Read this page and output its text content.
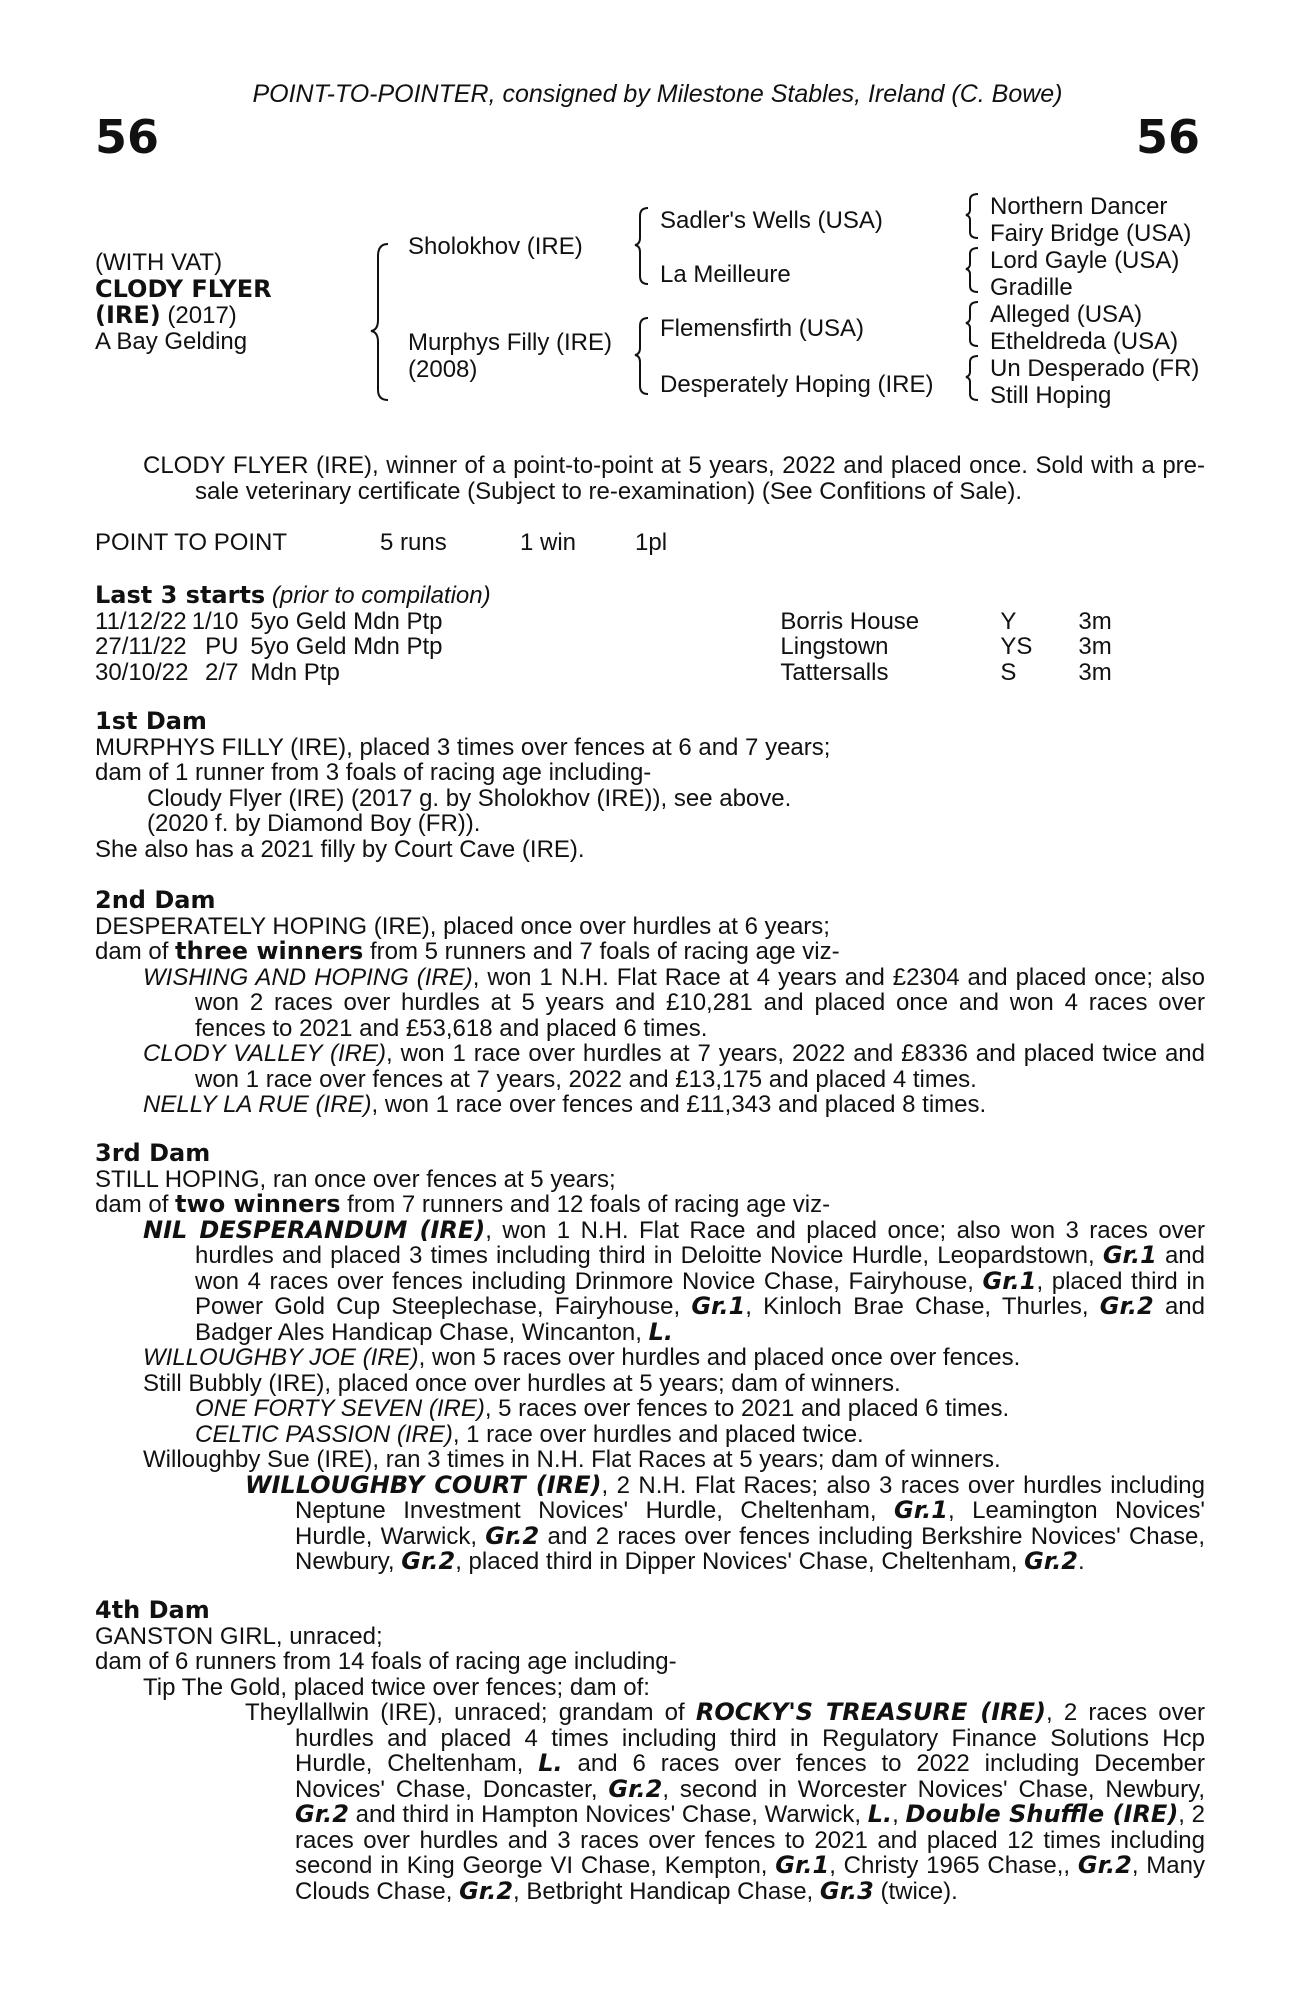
POINT-TO-POINTER, consigned by Milestone Stables, Ireland (C. Bowe)
56	56
(WITH VAT)
CLODY FLYER
(IRE) (2017)
A Bay Gelding
Sholokhov (IRE)
Murphys Filly (IRE)
(2008)
Sadler's Wells (USA)
La Meilleure
Flemensfirth (USA)
Desperately Hoping (IRE)
Northern Dancer
Fairy Bridge (USA)
Lord Gayle (USA)
Gradille
Alleged (USA)
Etheldreda (USA)
Un Desperado (FR)
Still Hoping

CLODY FLYER (IRE), winner of a point-to-point at 5 years, 2022 and placed once. Sold with a pre-sale veterinary certificate (Subject to re-examination) (See Confitions of Sale).

POINT TO POINT	5 runs	1 win 1pl

Last 3 starts (prior to compilation)

11/12/22	1/10	5yo Geld Mdn Ptp	Borris House	Y	3m
27/11/22	PU	5yo Geld Mdn Ptp	Lingstown	YS	3m
30/10/22	2/7	Mdn Ptp	Tattersalls	S	3m

1st Dam

MURPHYS FILLY (IRE), placed 3 times over fences at 6 and 7 years;

dam of 1 runner from 3 foals of racing age including-

Cloudy Flyer (IRE) (2017 g. by Sholokhov (IRE)), see above.

(2020 f. by Diamond Boy (FR)).

She also has a 2021 filly by Court Cave (IRE).

2nd Dam

DESPERATELY HOPING (IRE), placed once over hurdles at 6 years;

dam of three winners from 5 runners and 7 foals of racing age viz-

WISHING AND HOPING (IRE), won 1 N.H. Flat Race at 4 years and £2304 and placed once; also won 2 races over hurdles at 5 years and £10,281 and placed once and won 4 races over fences to 2021 and £53,618 and placed 6 times.

CLODY VALLEY (IRE), won 1 race over hurdles at 7 years, 2022 and £8336 and placed twice and won 1 race over fences at 7 years, 2022 and £13,175 and placed 4 times.

NELLY LA RUE (IRE), won 1 race over fences and £11,343 and placed 8 times.

3rd Dam

STILL HOPING, ran once over fences at 5 years;

dam of two winners from 7 runners and 12 foals of racing age viz-

NIL DESPERANDUM (IRE), won 1 N.H. Flat Race and placed once; also won 3 races over hurdles and placed 3 times including third in Deloitte Novice Hurdle, Leopardstown, Gr.1 and won 4 races over fences including Drinmore Novice Chase, Fairyhouse, Gr.1, placed third in Power Gold Cup Steeplechase, Fairyhouse, Gr.1, Kinloch Brae Chase, Thurles, Gr.2 and Badger Ales Handicap Chase, Wincanton, L.

WILLOUGHBY JOE (IRE), won 5 races over hurdles and placed once over fences.

Still Bubbly (IRE), placed once over hurdles at 5 years; dam of winners.

ONE FORTY SEVEN (IRE), 5 races over fences to 2021 and placed 6 times.

CELTIC PASSION (IRE), 1 race over hurdles and placed twice.

Willoughby Sue (IRE), ran 3 times in N.H. Flat Races at 5 years; dam of winners.

WILLOUGHBY COURT (IRE), 2 N.H. Flat Races; also 3 races over hurdles including Neptune Investment Novices' Hurdle, Cheltenham, Gr.1, Leamington Novices' Hurdle, Warwick, Gr.2 and 2 races over fences including Berkshire Novices' Chase, Newbury, Gr.2, placed third in Dipper Novices' Chase, Cheltenham, Gr.2.

4th Dam

GANSTON GIRL, unraced;

dam of 6 runners from 14 foals of racing age including-

Tip The Gold, placed twice over fences; dam of:

Theyllallwin (IRE), unraced; grandam of ROCKY'S TREASURE (IRE), 2 races over hurdles and placed 4 times including third in Regulatory Finance Solutions Hcp Hurdle, Cheltenham, L. and 6 races over fences to 2022 including December Novices' Chase, Doncaster, Gr.2, second in Worcester Novices' Chase, Newbury, Gr.2 and third in Hampton Novices' Chase, Warwick, L., Double Shuffle (IRE), 2 races over hurdles and 3 races over fences to 2021 and placed 12 times including second in King George VI Chase, Kempton, Gr.1, Christy 1965 Chase,, Gr.2, Many Clouds Chase, Gr.2, Betbright Handicap Chase, Gr.3 (twice).
